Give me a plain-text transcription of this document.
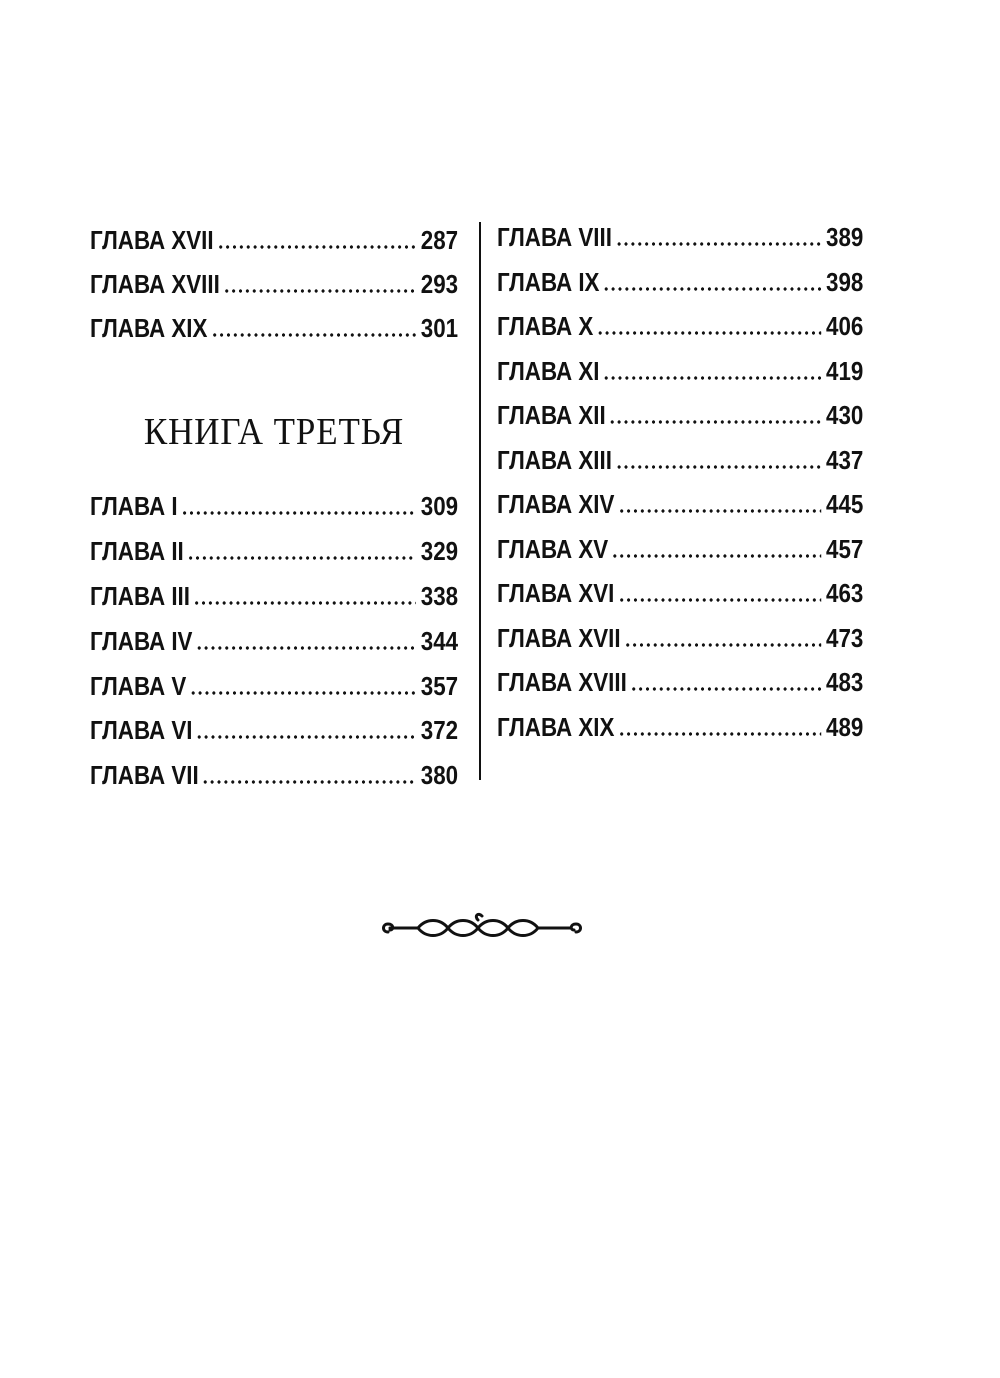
ГЛАВА XVII	287
ГЛАВА XVIII	293
ГЛАВА XIX	301
КНИГА ТРЕТЬЯ
ГЛАВА I	309
ГЛАВА II	329
ГЛАВА III	338
ГЛАВА IV	344
ГЛАВА V	357
ГЛАВА VI	372
ГЛАВА VII	380
ГЛАВА VIII	389
ГЛАВА IX	398
ГЛАВА X	406
ГЛАВА XI	419
ГЛАВА XII	430
ГЛАВА XIII	437
ГЛАВА XIV	445
ГЛАВА XV	457
ГЛАВА XVI	463
ГЛАВА XVII	473
ГЛАВА XVIII	483
ГЛАВА XIX	489
